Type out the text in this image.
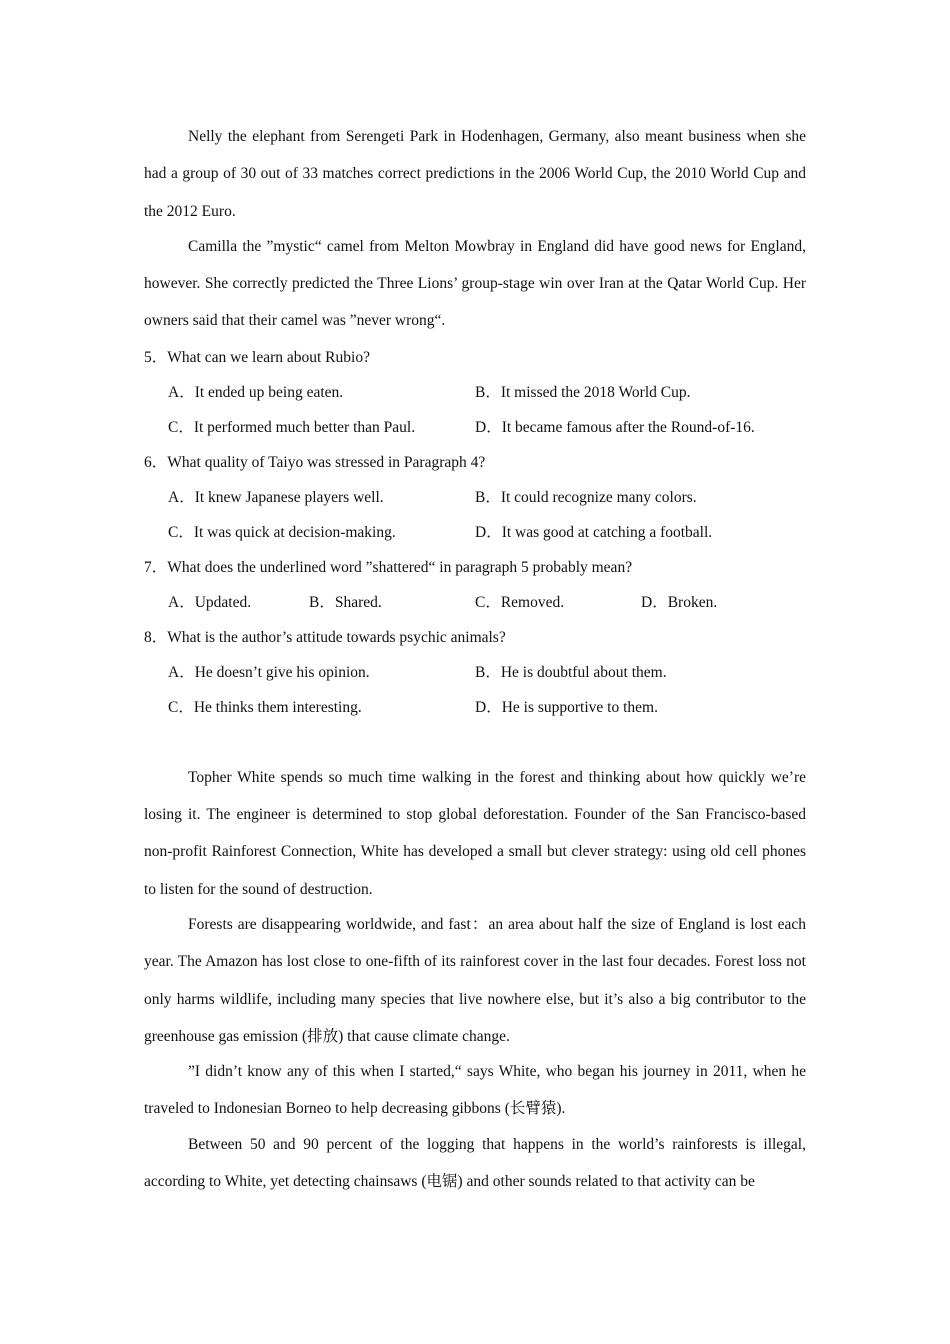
Nelly the elephant from Serengeti Park in Hodenhagen, Germany, also meant business when she had a group of 30 out of 33 matches correct predictions in the 2006 World Cup, the 2010 World Cup and the 2012 Euro.

Camilla the ”mystic“ camel from Melton Mowbray in England did have good news for England, however. She correctly predicted the Three Lions’ group-stage win over Iran at the Qatar World Cup. Her owners said that their camel was ”never wrong“.

5．What can we learn about Rubio?
A．It ended up being eaten.	B．It missed the 2018 World Cup.
C．It performed much better than Paul.	D．It became famous after the Round-of-16.
6．What quality of Taiyo was stressed in Paragraph 4?
A．It knew Japanese players well.	B．It could recognize many colors.
C．It was quick at decision-making.	D．It was good at catching a football.
7．What does the underlined word ”shattered“ in paragraph 5 probably mean?
A．Updated.	B．Shared.	C．Removed.	D．Broken.
8．What is the author’s attitude towards psychic animals?
A．He doesn’t give his opinion.	B．He is doubtful about them.
C．He thinks them interesting.	D．He is supportive to them.

Topher White spends so much time walking in the forest and thinking about how quickly we’re losing it. The engineer is determined to stop global deforestation. Founder of the San Francisco-based non-profit Rainforest Connection, White has developed a small but clever strategy: using old cell phones to listen for the sound of destruction.

Forests are disappearing worldwide, and fast：an area about half the size of England is lost each year. The Amazon has lost close to one-fifth of its rainforest cover in the last four decades. Forest loss not only harms wildlife, including many species that live nowhere else, but it’s also a big contributor to the greenhouse gas emission (排放) that cause climate change.

”I didn’t know any of this when I started,“ says White, who began his journey in 2011, when he traveled to Indonesian Borneo to help decreasing gibbons (长臂猿).

Between 50 and 90 percent of the logging that happens in the world’s rainforests is illegal, according to White, yet detecting chainsaws (电锯) and other sounds related to that activity can be
